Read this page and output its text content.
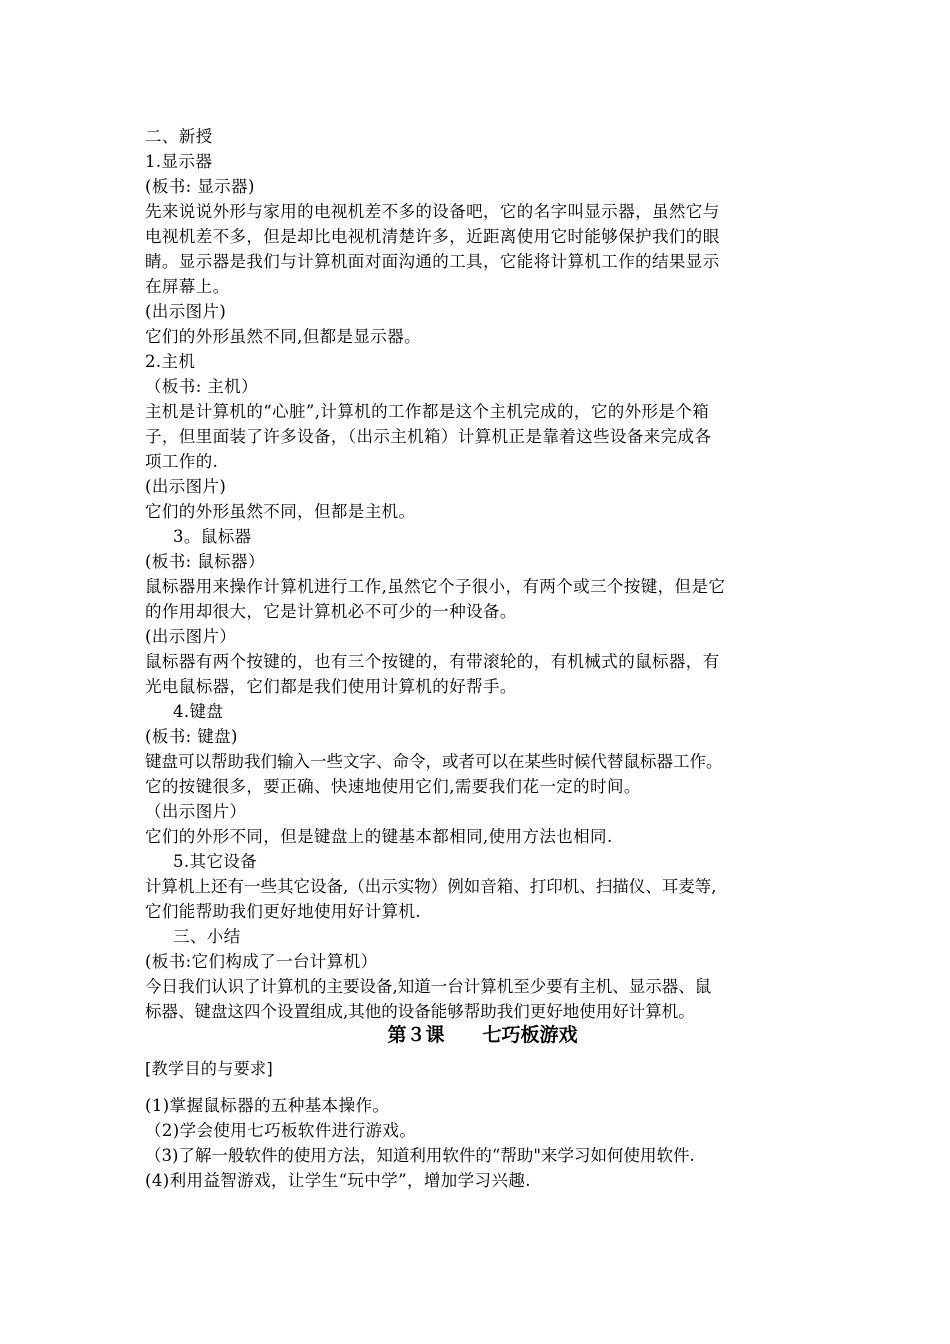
二、新授
1.显示器
(板书: 显示器)
先来说说外形与家用的电视机差不多的设备吧，它的名字叫显示器，虽然它与
电视机差不多，但是却比电视机清楚许多，近距离使用它时能够保护我们的眼
睛。显示器是我们与计算机面对面沟通的工具，它能将计算机工作的结果显示
在屏幕上。
(出示图片)
它们的外形虽然不同,但都是显示器。
2.主机
（板书: 主机）
主机是计算机的“心脏”,计算机的工作都是这个主机完成的，它的外形是个箱
子，但里面装了许多设备，（出示主机箱）计算机正是靠着这些设备来完成各
项工作的.
(出示图片)
它们的外形虽然不同，但都是主机。
3。鼠标器
(板书: 鼠标器）
鼠标器用来操作计算机进行工作,虽然它个子很小，有两个或三个按键，但是它
的作用却很大，它是计算机必不可少的一种设备。
(出示图片）
鼠标器有两个按键的，也有三个按键的，有带滚轮的，有机械式的鼠标器，有
光电鼠标器，它们都是我们使用计算机的好帮手。
4.键盘
(板书: 键盘)
键盘可以帮助我们输入一些文字、命令，或者可以在某些时候代替鼠标器工作。
它的按键很多，要正确、快速地使用它们,需要我们花一定的时间。
（出示图片）
它们的外形不同，但是键盘上的键基本都相同,使用方法也相同.
5.其它设备
计算机上还有一些其它设备,（出示实物）例如音箱、打印机、扫描仪、耳麦等,
它们能帮助我们更好地使用好计算机.
三、小结
(板书:它们构成了一台计算机）
今日我们认识了计算机的主要设备,知道一台计算机至少要有主机、显示器、鼠
标器、键盘这四个设置组成,其他的设备能够帮助我们更好地使用好计算机。
第３课　　七巧板游戏
[教学目的与要求]
(1)掌握鼠标器的五种基本操作。
（2)学会使用七巧板软件进行游戏。
（3)了解一般软件的使用方法，知道利用软件的“帮助"来学习如何使用软件.
(4)利用益智游戏，让学生“玩中学”，增加学习兴趣.
